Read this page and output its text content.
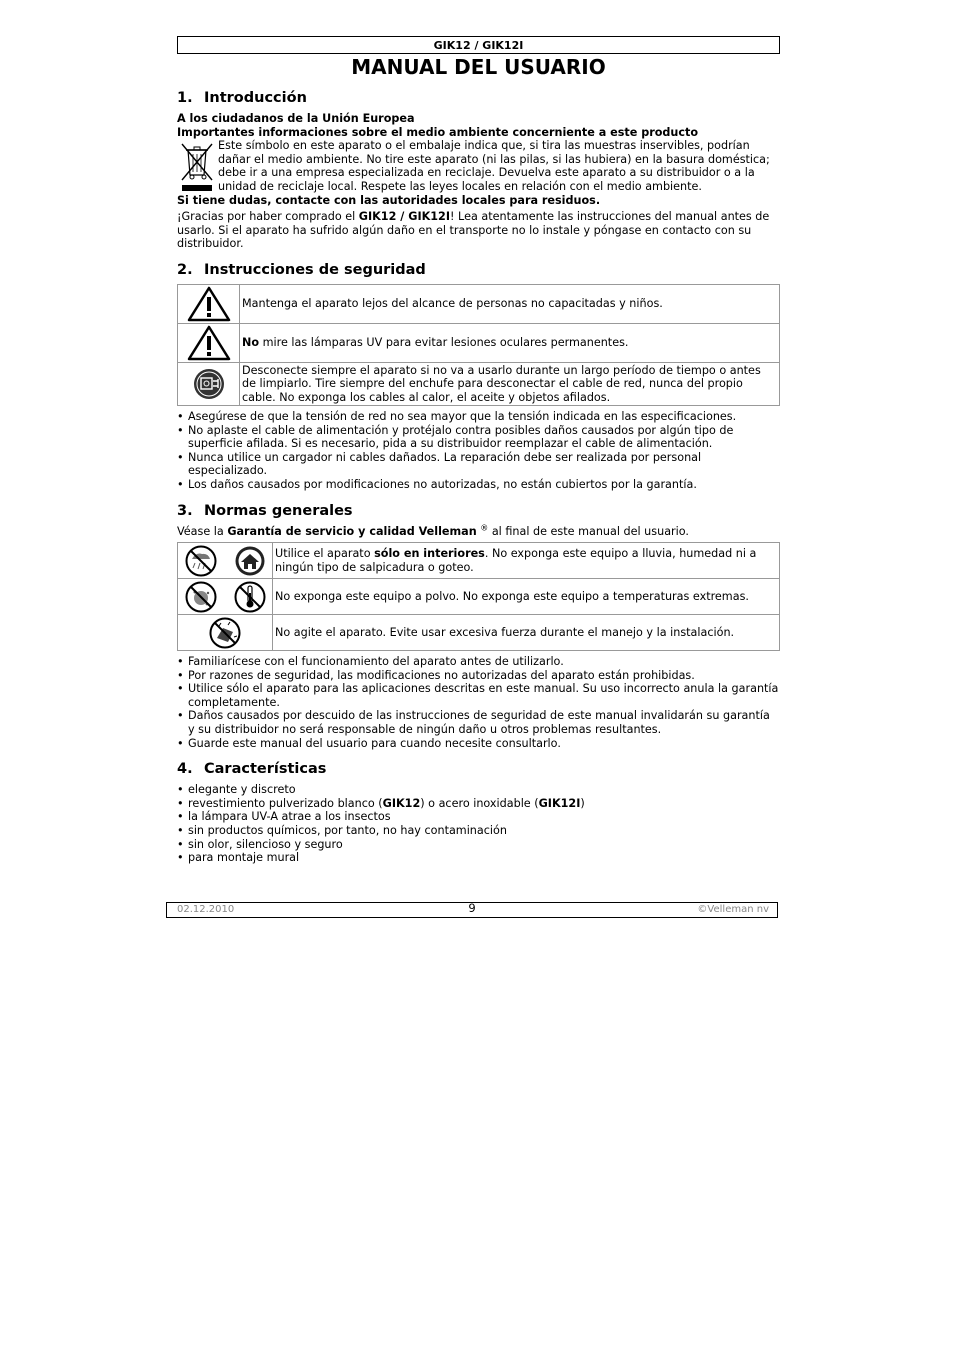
GIK12 / GIK12I
MANUAL DEL USUARIO
1. Introducción

A los ciudadanos de la Unión Europea

Importantes informaciones sobre el medio ambiente concerniente a este producto

Este símbolo en este aparato o el embalaje indica que, si tira las muestras inservibles, podrían dañar el medio ambiente. No tire este aparato (ni las pilas, si las hubiera) en la basura doméstica; debe ir a una empresa especializada en reciclaje. Devuelva este aparato a su distribuidor o a la unidad de reciclaje local. Respete las leyes locales en relación con el medio ambiente.

Si tiene dudas, contacte con las autoridades locales para residuos.

¡Gracias por haber comprado el GIK12 / GIK12I! Lea atentamente las instrucciones del manual antes de usarlo. Si el aparato ha sufrido algún daño en el transporte no lo instale y póngase en contacto con su distribuidor.

2. Instrucciones de seguridad
	Mantenga el aparato lejos del alcance de personas no capacitadas y niños.

	No mire las lámparas UV para evitar lesiones oculares permanentes.

	Desconecte siempre el aparato si no va a usarlo durante un largo período de tiempo o antes de limpiarlo. Tire siempre del enchufe para desconectar el cable de red, nunca del propio cable. No exponga los cables al calor, el aceite y objetos afilados.
• Asegúrese de que la tensión de red no sea mayor que la tensión indicada en las especificaciones.
• No aplaste el cable de alimentación y protéjalo contra posibles daños causados por algún tipo de superficie afilada. Si es necesario, pida a su distribuidor reemplazar el cable de alimentación.
• Nunca utilice un cargador ni cables dañados. La reparación debe ser realizada por personal especializado.
• Los daños causados por modificaciones no autorizadas, no están cubiertos por la garantía.
3. Normas generales

Véase la Garantía de servicio y calidad Velleman ® al final de este manual del usuario.

	Utilice el aparato sólo en interiores. No exponga este equipo a lluvia, humedad ni a ningún tipo de salpicadura o goteo.

	No exponga este equipo a polvo. No exponga este equipo a temperaturas extremas.

	No agite el aparato. Evite usar excesiva fuerza durante el manejo y la instalación.
• Familiarícese con el funcionamiento del aparato antes de utilizarlo.
• Por razones de seguridad, las modificaciones no autorizadas del aparato están prohibidas.
• Utilice sólo el aparato para las aplicaciones descritas en este manual. Su uso incorrecto anula la garantía completamente.
• Daños causados por descuido de las instrucciones de seguridad de este manual invalidarán su garantía y su distribuidor no será responsable de ningún daño u otros problemas resultantes.
• Guarde este manual del usuario para cuando necesite consultarlo.
4. Características
• elegante y discreto
• revestimiento pulverizado blanco (GIK12) o acero inoxidable (GIK12I)
• la lámpara UV-A atrae a los insectos
• sin productos químicos, por tanto, no hay contaminación
• sin olor, silencioso y seguro
• para montaje mural
02.12.2010	9	©Velleman nv
